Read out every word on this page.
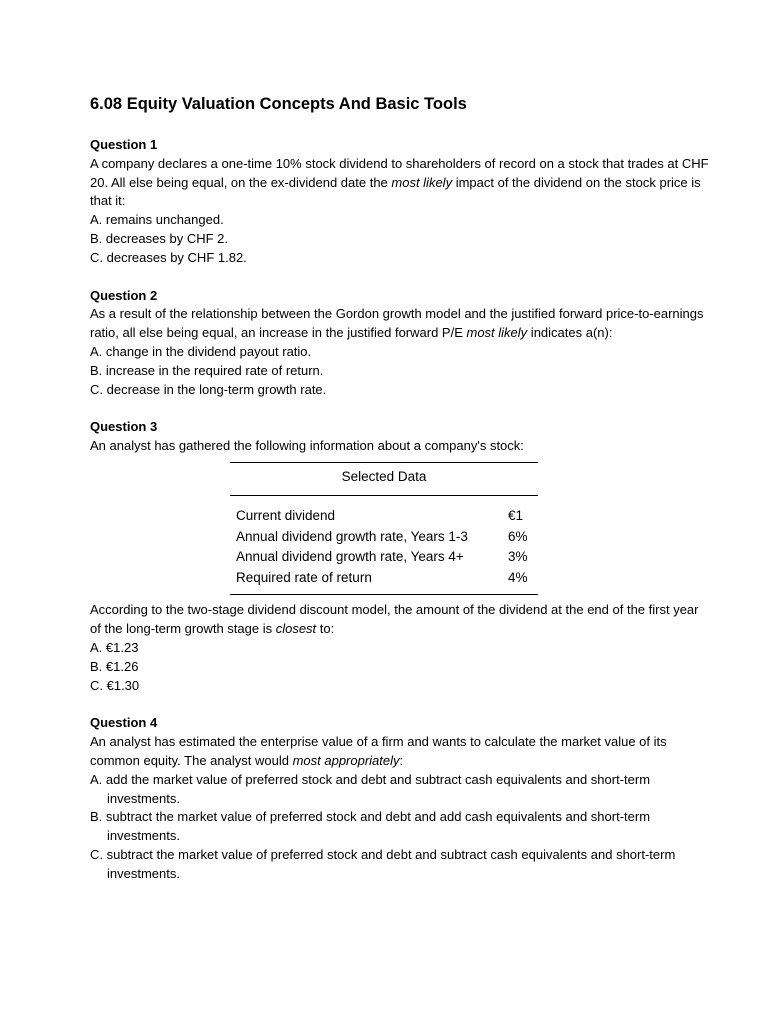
6.08 Equity Valuation Concepts And Basic Tools
Question 1

A company declares a one-time 10% stock dividend to shareholders of record on a stock that trades at CHF 20. All else being equal, on the ex-dividend date the most likely impact of the dividend on the stock price is that it:

A. remains unchanged.
B. decreases by CHF 2.
C. decreases by CHF 1.82.
Question 2

As a result of the relationship between the Gordon growth model and the justified forward price-to-earnings ratio, all else being equal, an increase in the justified forward P/E most likely indicates a(n):

A. change in the dividend payout ratio.
B. increase in the required rate of return.
C. decrease in the long-term growth rate.
Question 3

An analyst has gathered the following information about a company's stock:

Selected Data
Current dividend	€1
Annual dividend growth rate, Years 1-3	6%
Annual dividend growth rate, Years 4+	3%
Required rate of return	4%

According to the two-stage dividend discount model, the amount of the dividend at the end of the first year of the long-term growth stage is closest to:

A. €1.23
B. €1.26
C. €1.30
Question 4

An analyst has estimated the enterprise value of a firm and wants to calculate the market value of its common equity. The analyst would most appropriately:

A. add the market value of preferred stock and debt and subtract cash equivalents and short-term investments.
B. subtract the market value of preferred stock and debt and add cash equivalents and short-term investments.
C. subtract the market value of preferred stock and debt and subtract cash equivalents and short-term investments.
